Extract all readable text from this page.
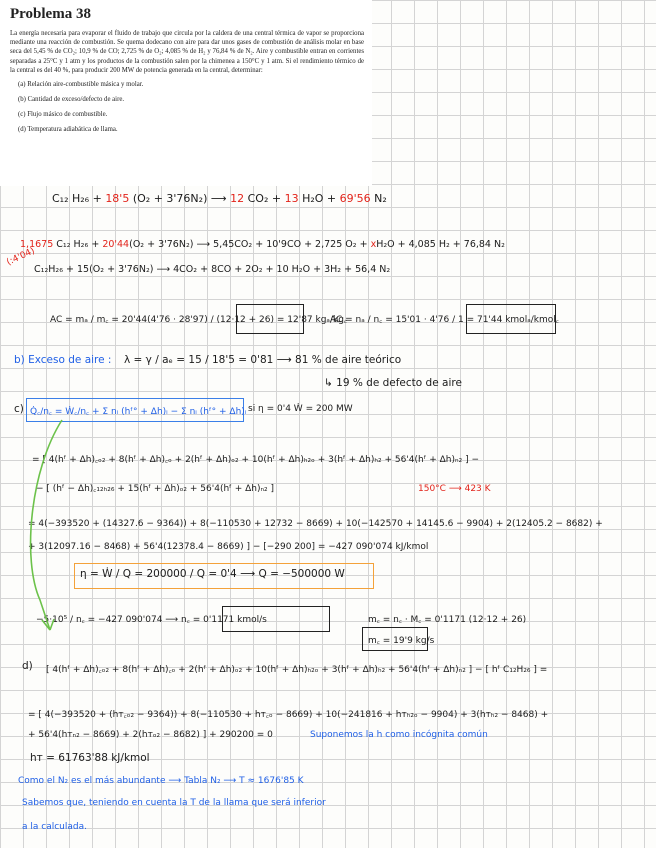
Problema 38

La energía necesaria para evaporar el fluido de trabajo que circula por la caldera de una central térmica de vapor se proporciona mediante una reacción de combustión. Se quema dodecano con aire para dar unos gases de combustión de análisis molar en base seca del 5,45 % de CO₂; 10,9 % de CO; 2,725 % de O₂; 4,085 % de H₂ y 76,84 % de N₂. Aire y combustible entran en corrientes separadas a 25°C y 1 atm y los productos de la combustión salen por la chimenea a 150°C y 1 atm. Si el rendimiento térmico de la central es del 40 %, para producir 200 MW de potencia generada en la central, determinar:

(a) Relación aire-combustible másica y molar.
(b) Cantidad de exceso/defecto de aire.
(c) Flujo másico de combustible.
(d) Temperatura adiabática de llama.
C₁₂ H₂₆ + 18'5 (O₂ + 3'76N₂) ⟶ 12 CO₂ + 13 H₂O + 69'56 N₂
1,1675 C₁₂ H₂₆ + 20'44(O₂ + 3'76N₂) ⟶ 5,45CO₂ + 10'9CO + 2,725 O₂ + xH₂O + 4,085 H₂ + 76,84 N₂
(:4'04)
C₁₂H₂₆ + 15(O₂ + 3'76N₂) ⟶ 4CO₂ + 8CO + 2O₂ + 10 H₂O + 3H₂ + 56,4 N₂
AC = mₐ / m꜀ = 20'44(4'76 · 28'97) / (12·12 + 26) = 12'87 kgₐ/kg꜀
AC = nₐ / n꜀ = 15'01 · 4'76 / 1 = 71'44 kmolₐ/kmol꜀
b) Exceso de aire : λ = γ / aₑ = 15 / 18'5 = 0'81 ⟶ 81 % de aire teórico
↳ 19 % de defecto de aire
c) Q̇꜀/n꜀ = Ẇ꜀/n꜀ + Σ nᵢ (hᶠ° + Δh)ᵢ − Σ nᵢ (hᶠ° + Δh)ᵢ si η = 0'4 Ẇ = 200 MW
= [ 4(hᶠ + Δh)꜀ₒ₂ + 8(hᶠ + Δh)꜀ₒ + 2(hᶠ + Δh)ₒ₂ + 10(hᶠ + Δh)ₕ₂ₒ + 3(hᶠ + Δh)ₕ₂ + 56'4(hᶠ + Δh)ₙ₂ ] −
− [ (hᶠ − Δh)꜀₁₂ₕ₂₆ + 15(hᶠ + Δh)ₒ₂ + 56'4(hᶠ + Δh)ₙ₂ ]	150°C ⟶ 423 K
= 4(−393520 + (14327.6 − 9364)) + 8(−110530 + 12732 − 8669) + 10(−142570 + 14145.6 − 9904) + 2(12405.2 − 8682) +
+ 3(12097.16 − 8468) + 56'4(12378.4 − 8669) ] − [−290 200] = −427 090'074 kJ/kmol
η = Ẇ / Q = 200000 / Q = 0'4 ⟶ Q = −500000 W
−5·10⁵ / n꜀ = −427 090'074 ⟶ n꜀ = 0'1171 kmol/s	m꜀ = n꜀ · M꜀ = 0'1171 (12·12 + 26)
m꜀ = 19'9 kg/s
d) [ 4(hᶠ + Δh)꜀ₒ₂ + 8(hᶠ + Δh)꜀ₒ + 2(hᶠ + Δh)ₒ₂ + 10(hᶠ + Δh)ₕ₂ₒ + 3(hᶠ + Δh)ₕ₂ + 56'4(hᶠ + Δh)ₙ₂ ] − [ hᶠ C₁₂H₂₆ ] =
= [ 4(−393520 + (hᴛ꜀ₒ₂ − 9364)) + 8(−110530 + hᴛ꜀ₒ − 8669) + 10(−241816 + hᴛₕ₂ₒ − 9904) + 3(hᴛₕ₂ − 8468) +
+ 56'4(hᴛₙ₂ − 8669) + 2(hᴛₒ₂ − 8682) ] + 290200 = 0	Suponemos la h como incógnita común
hᴛ = 61763'88 kJ/kmol
Como el N₂ es el más abundante ⟶ Tabla N₂ ⟶ T ≈ 1676'85 K
Sabemos que, teniendo en cuenta la T de la llama que será inferior
a la calculada.
